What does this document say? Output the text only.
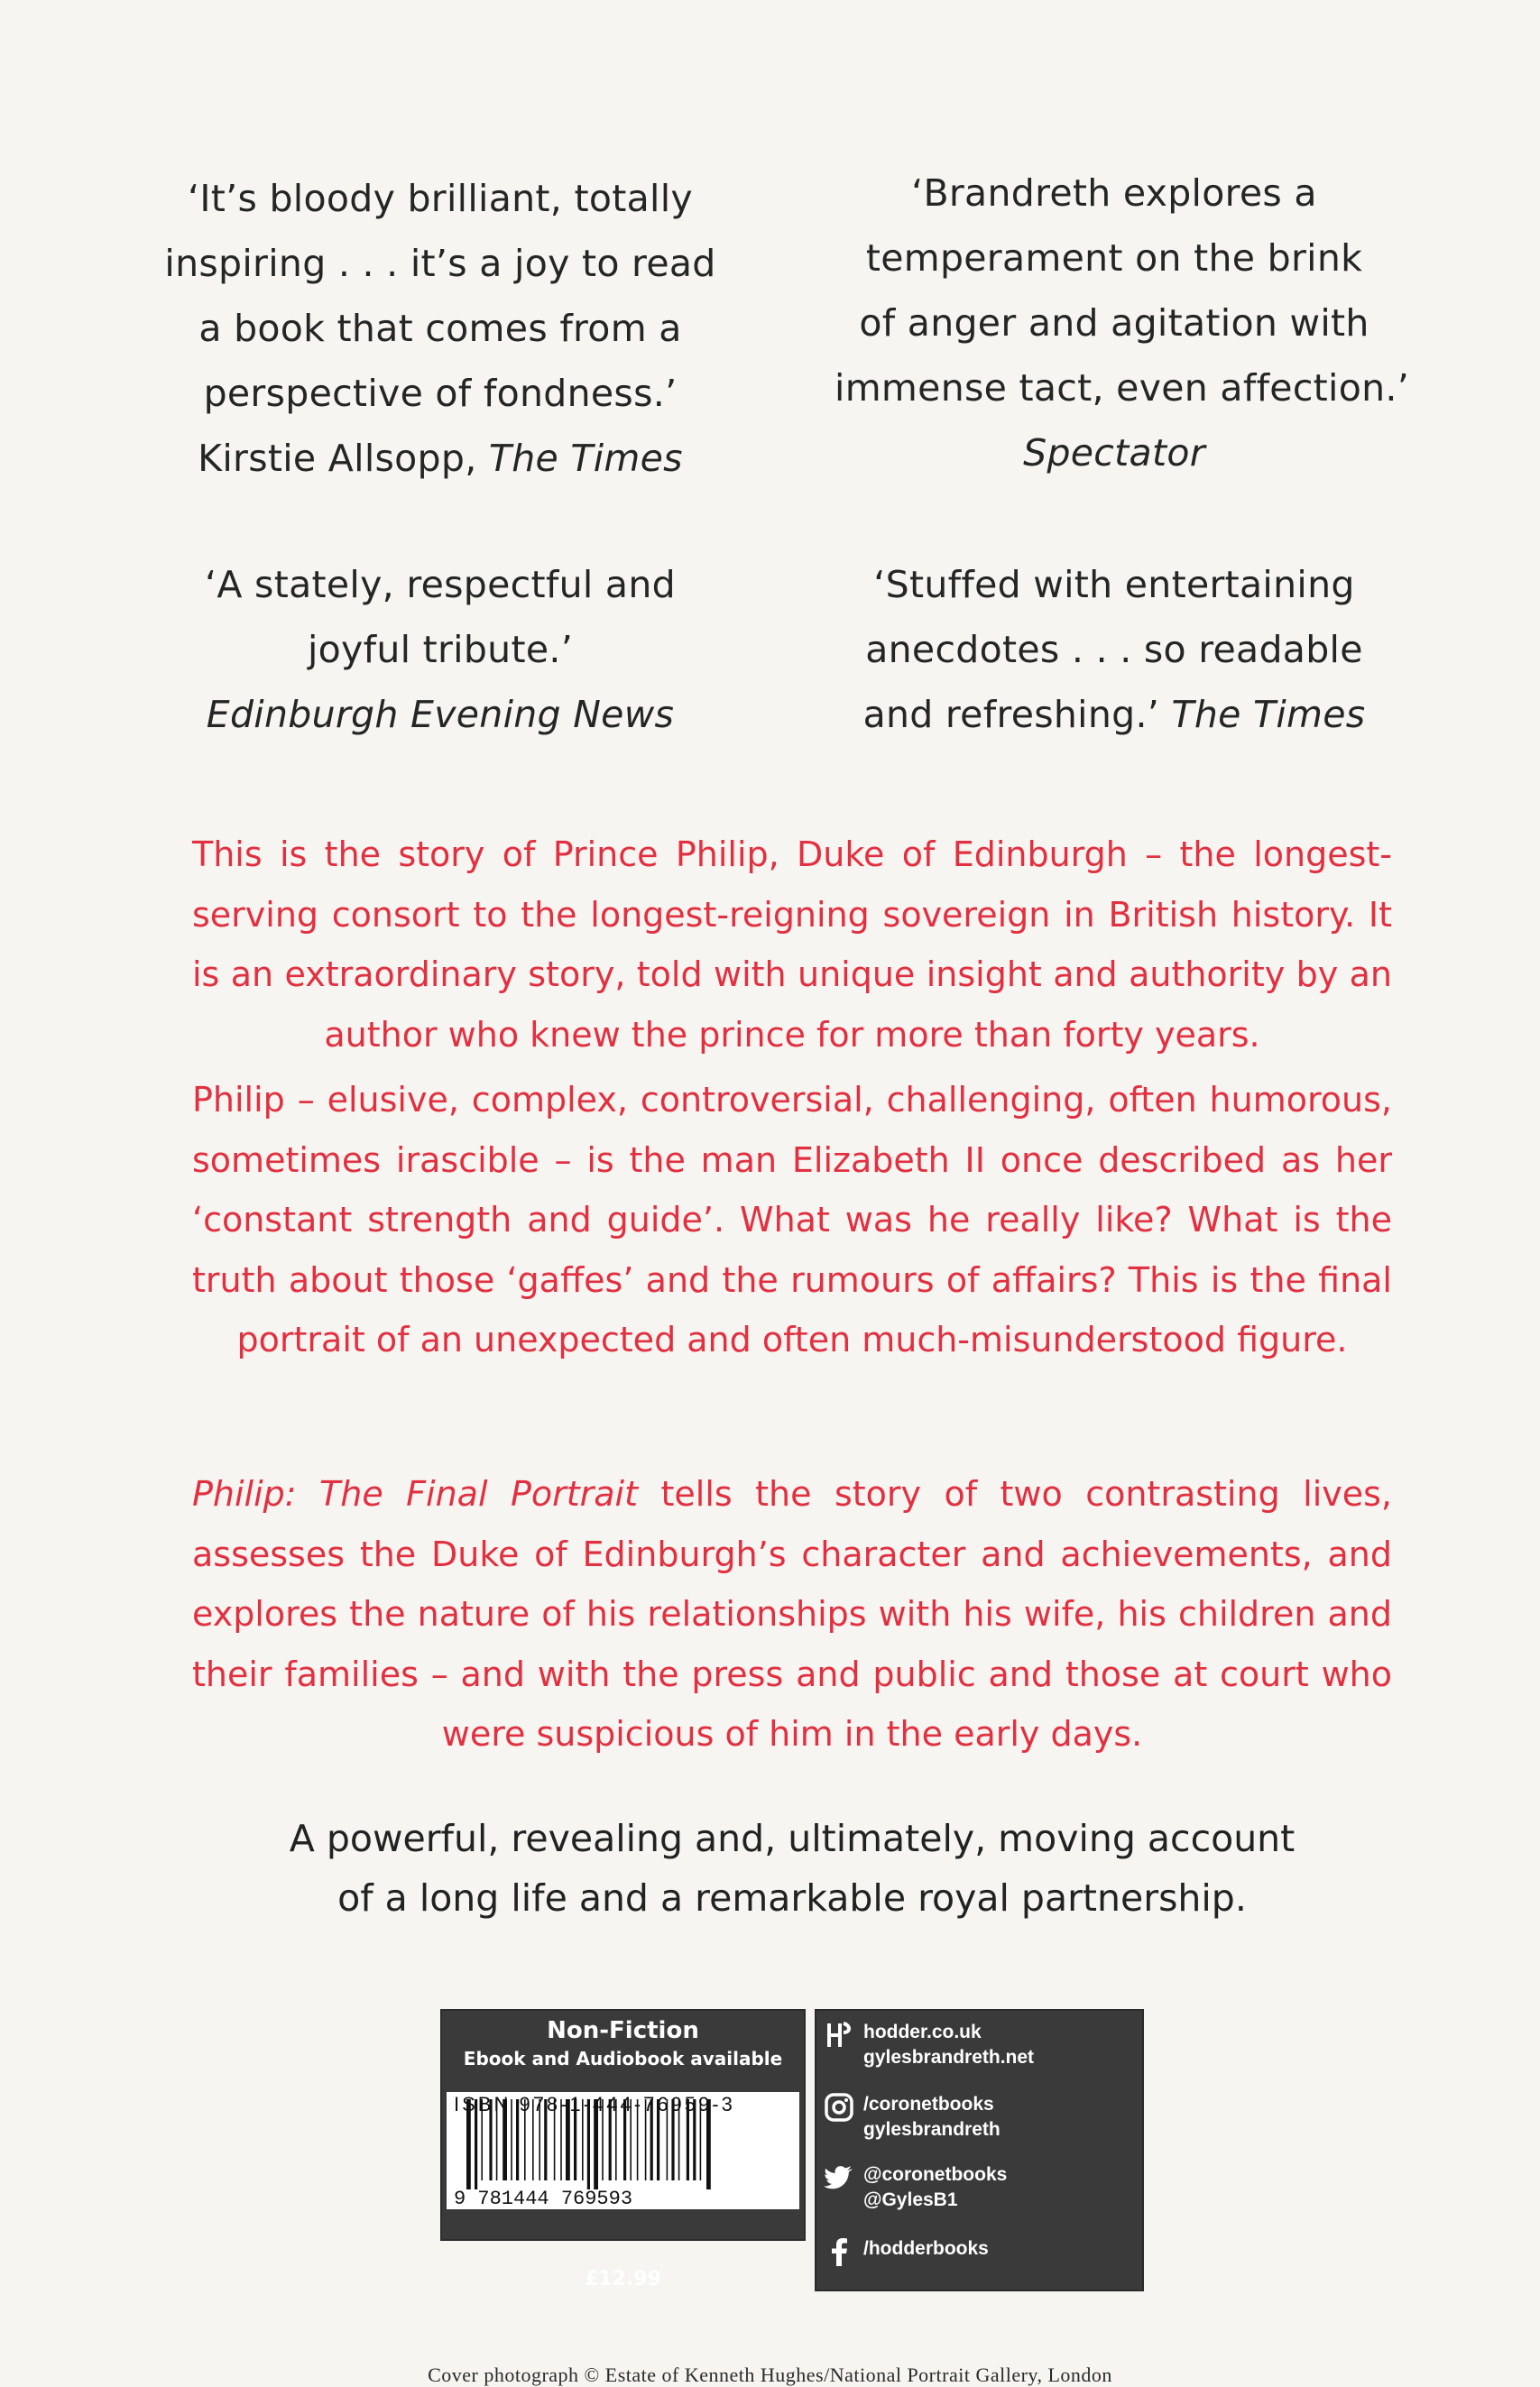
‘It’s bloody brilliant, totally
inspiring . . . it’s a joy to read
a book that comes from a
perspective of fondness.’
Kirstie Allsopp, The Times
‘Brandreth explores a
temperament on the brink
of anger and agitation with
immense tact, even affection.’
Spectator
‘A stately, respectful and
joyful tribute.’
Edinburgh Evening News
‘Stuffed with entertaining
anecdotes . . . so readable
and refreshing.’ The Times
This is the story of Prince Philip, Duke of Edinburgh – the longest-serving consort to the longest-reigning sovereign in British history. It is an extraordinary story, told with unique insight and authority by an author who knew the prince for more than forty years.
Philip – elusive, complex, controversial, challenging, often humorous, sometimes irascible – is the man Elizabeth II once described as her ‘constant strength and guide’. What was he really like? What is the truth about those ‘gaffes’ and the rumours of affairs? This is the final portrait of an unexpected and often much-misunderstood figure.
Philip: The Final Portrait tells the story of two contrasting lives, assesses the Duke of Edinburgh’s character and achievements, and explores the nature of his relationships with his wife, his children and their families – and with the press and public and those at court who were suspicious of him in the early days.
A powerful, revealing and, ultimately, moving account
of a long life and a remarkable royal partnership.
Non-Fiction
Ebook and Audiobook available
9 781444 769593
ISBN 978-1-444-76959-3
£12.99
hodder.co.uk
gylesbrandreth.net
/coronetbooks
gylesbrandreth
@coronetbooks
@GylesB1
/hodderbooks
Cover photograph © Estate of Kenneth Hughes/National Portrait Gallery, London
